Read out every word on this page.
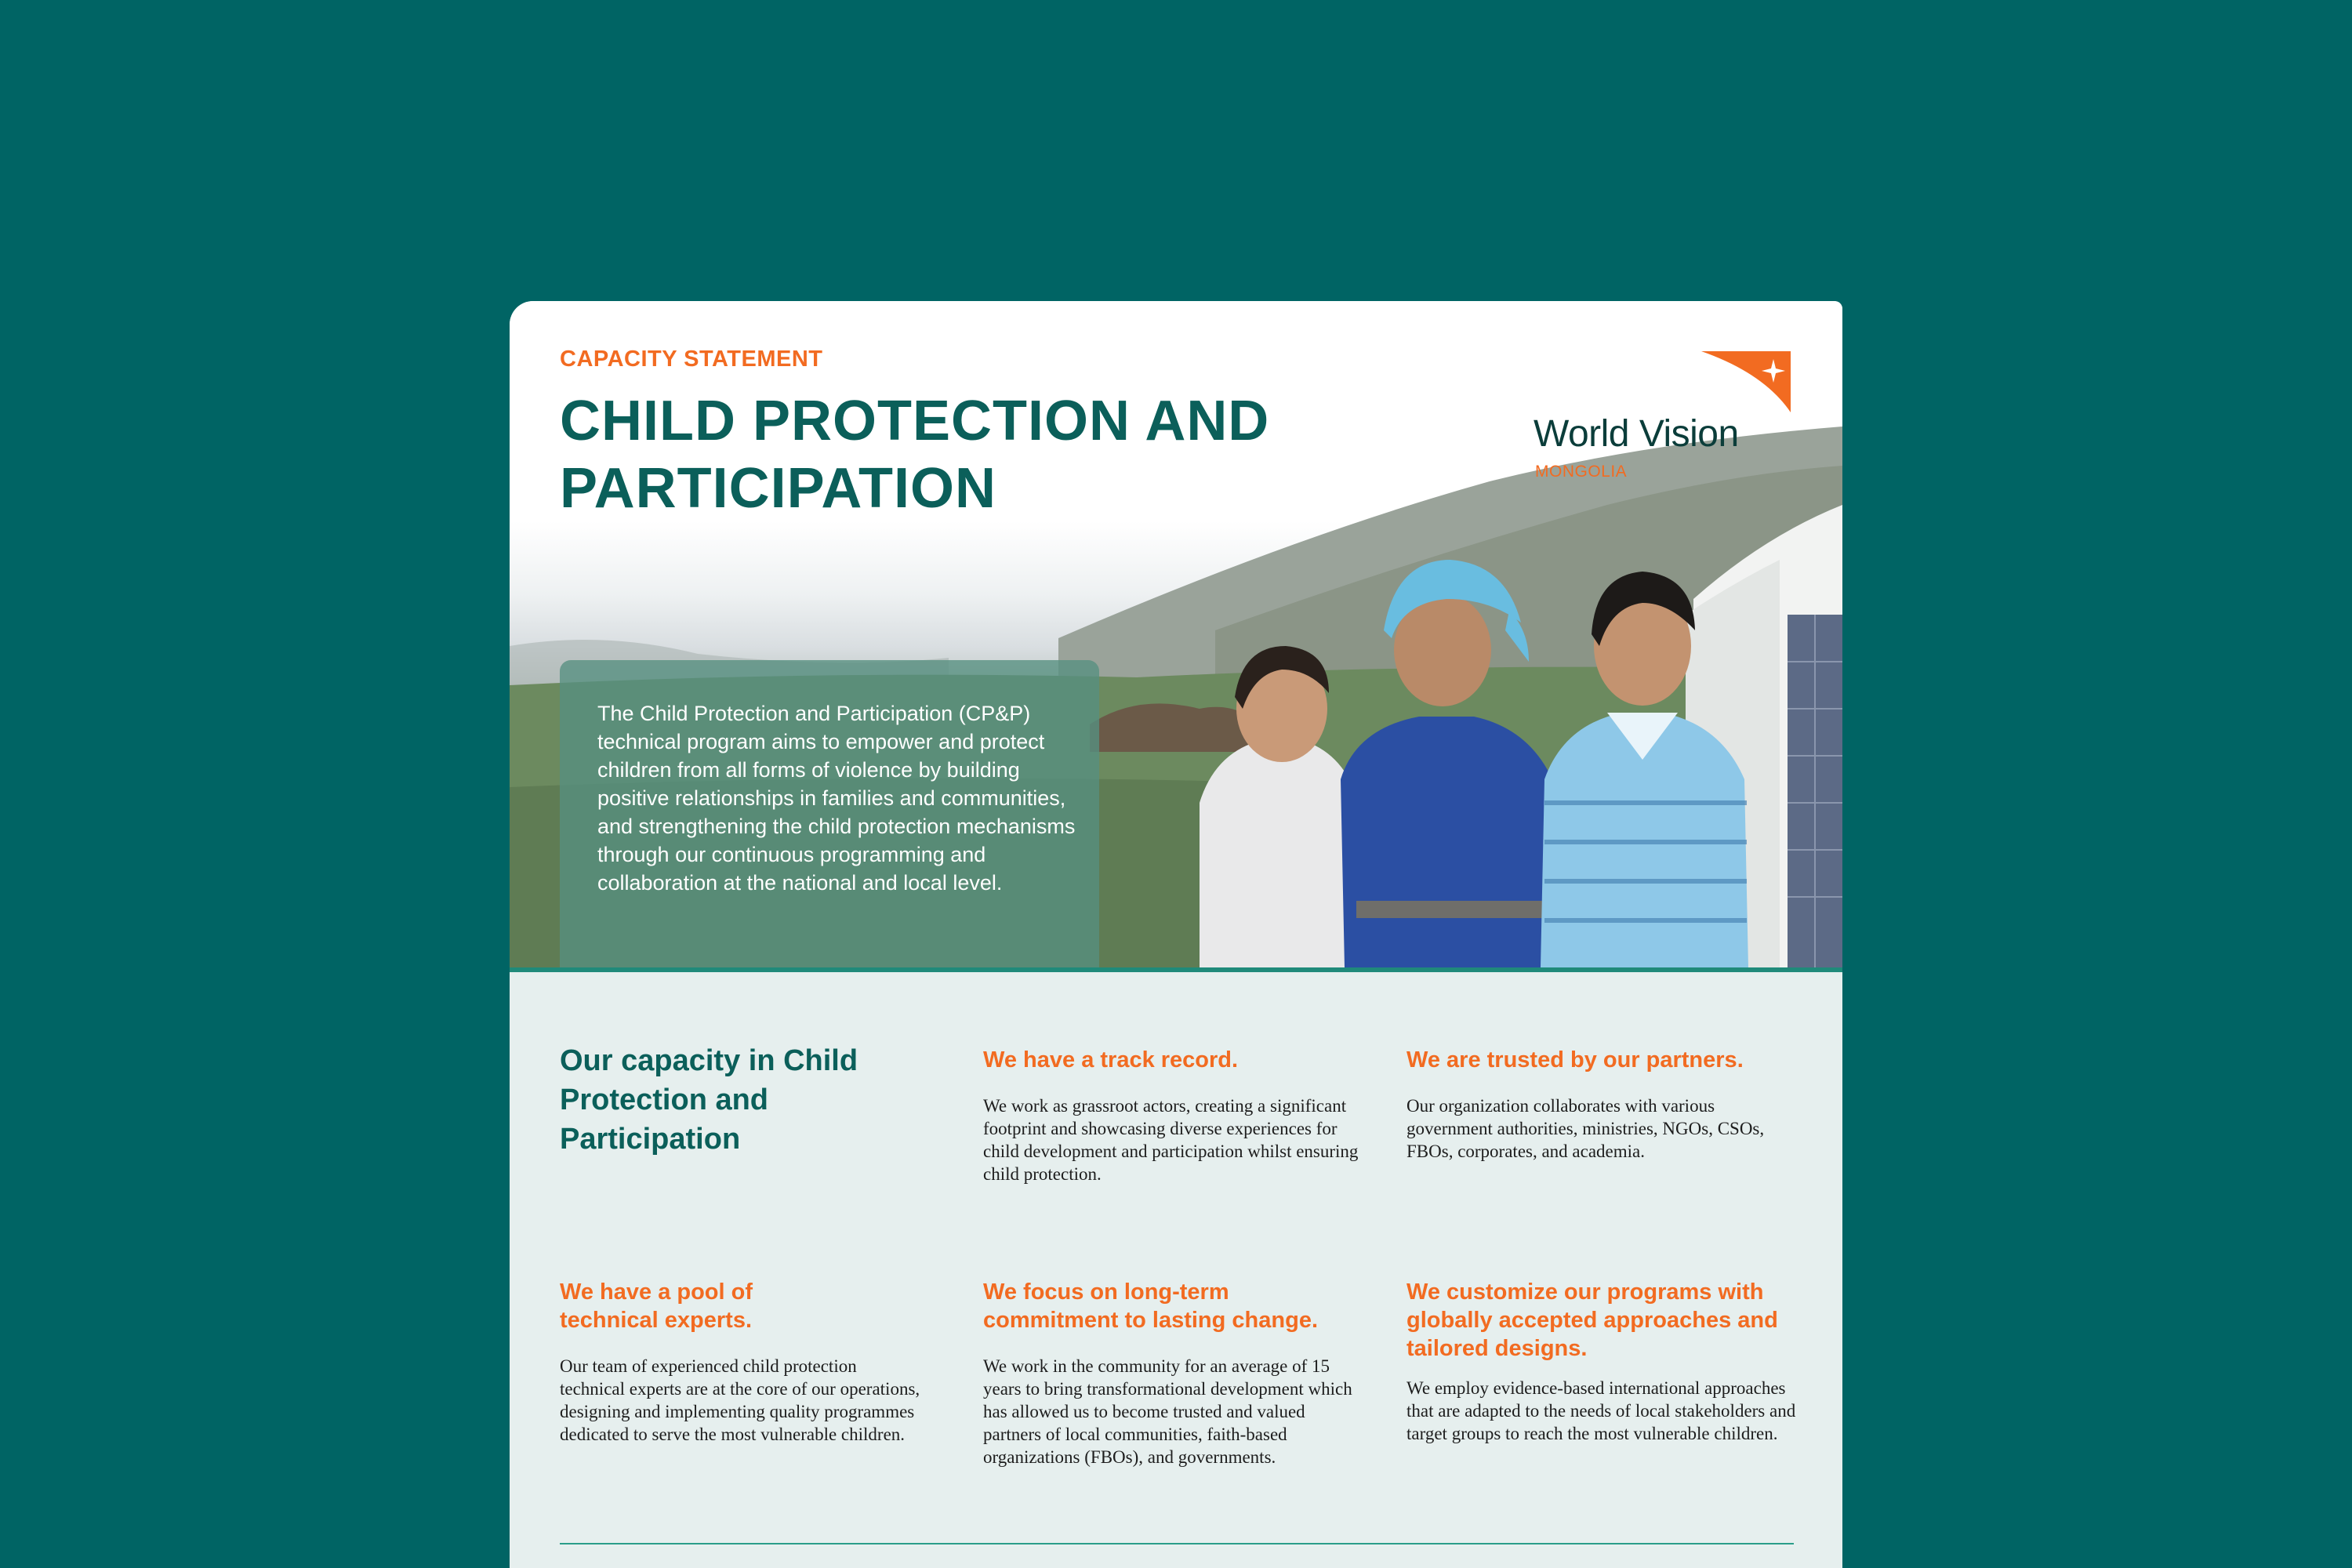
CAPACITY STATEMENT

CHILD PROTECTION AND PARTICIPATION

World Vision

MONGOLIA

The Child Protection and Participation (CP&P) technical program aims to empower and protect children from all forms of violence by building positive relationships in families and communities, and strengthening the child protection mechanisms through our continuous programming and collaboration at the national and local level.

Our capacity in Child Protection and Participation
We have a track record.

We work as grassroot actors, creating a significant footprint and showcasing diverse experiences for child development and participation whilst ensuring child protection.

We are trusted by our partners.

Our organization collaborates with various government authorities, ministries, NGOs, CSOs, FBOs, corporates, and academia.

We have a pool of technical experts.

Our team of experienced child protection technical experts are at the core of our operations, designing and implementing quality programmes dedicated to serve the most vulnerable children.

We focus on long-term commitment to lasting change.

We work in the community for an average of 15 years to bring transformational development which has allowed us to become trusted and valued partners of local communities, faith-based organizations (FBOs), and governments.

We customize our programs with globally accepted approaches and tailored designs.

We employ evidence-based international approaches that are adapted to the needs of local stakeholders and target groups to reach the most vulnerable children.
